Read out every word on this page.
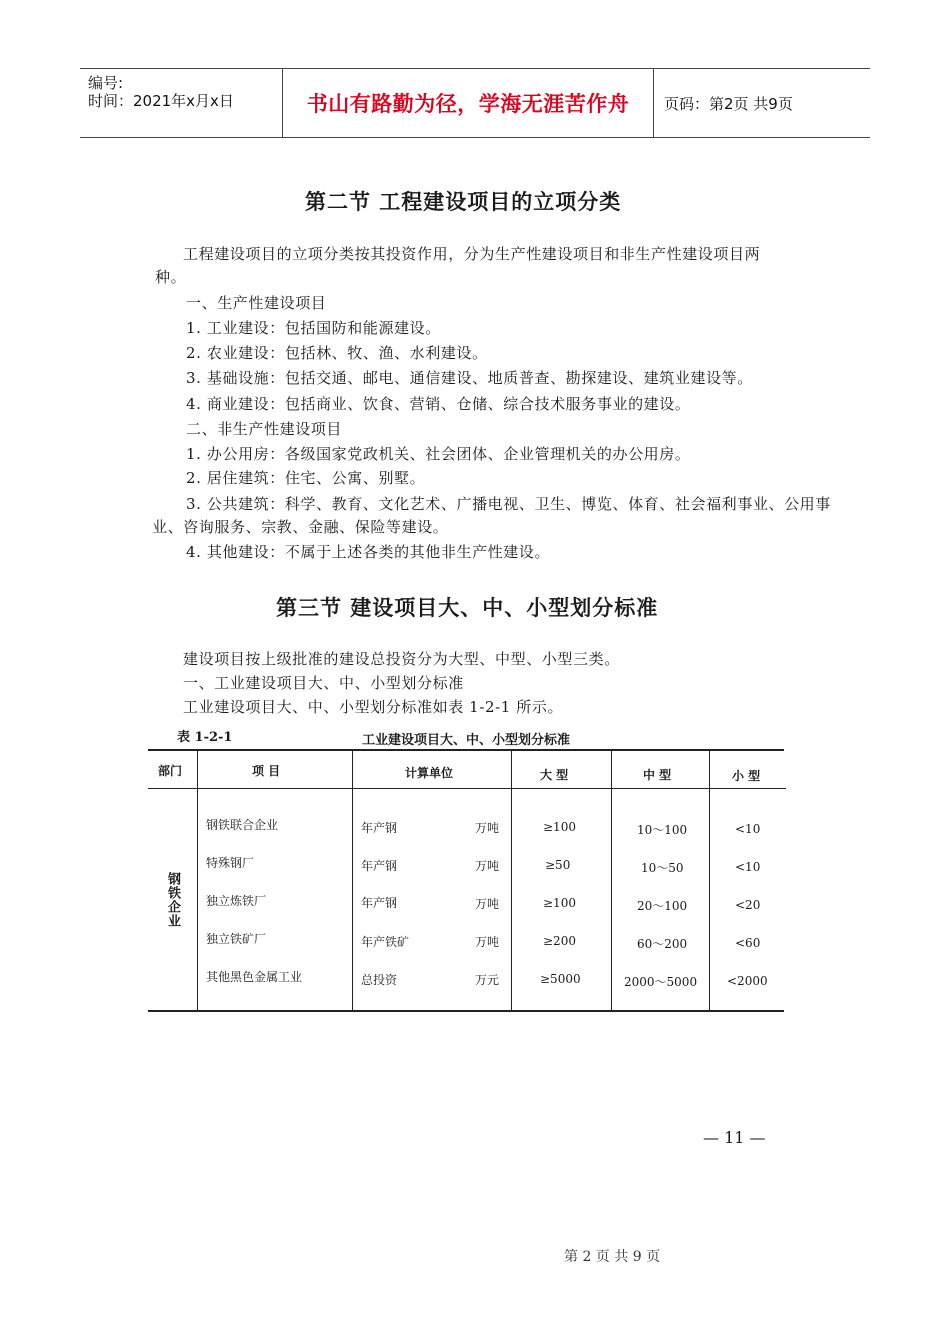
编号:
时间：2021年x月x日	书山有路勤为径，学海无涯苦作舟	页码：第2页 共9页
第二节 工程建设项目的立项分类
工程建设项目的立项分类按其投资作用，分为生产性建设项目和非生产性建设项目两
种。
一、生产性建设项目
1. 工业建设：包括国防和能源建设。
2. 农业建设：包括林、牧、渔、水利建设。
3. 基础设施：包括交通、邮电、通信建设、地质普查、勘探建设、建筑业建设等。
4. 商业建设：包括商业、饮食、营销、仓储、综合技术服务事业的建设。
二、非生产性建设项目
1. 办公用房：各级国家党政机关、社会团体、企业管理机关的办公用房。
2. 居住建筑：住宅、公寓、别墅。
3. 公共建筑：科学、教育、文化艺术、广播电视、卫生、博览、体育、社会福利事业、公用事
业、咨询服务、宗教、金融、保险等建设。
4. 其他建设：不属于上述各类的其他非生产性建设。
第三节 建设项目大、中、小型划分标准
建设项目按上级批准的建设总投资分为大型、中型、小型三类。
一、工业建设项目大、中、小型划分标准
工业建设项目大、中、小型划分标准如表 1-2-1 所示。
表 1-2-1	工业建设项目大、中、小型划分标准
部门	项 目	计算单位	大 型	中 型	小 型
钢铁企业
钢铁联合企业	年产钢	万吨	≥100	10～100	<10
特殊钢厂	年产钢	万吨	≥50	10～50	<10
独立炼铁厂	年产钢	万吨	≥100	20～100	<20
独立铁矿厂	年产铁矿	万吨	≥200	60～200	<60
其他黑色金属工业	总投资	万元	≥5000	2000～5000 <2000
— 11 —
第 2 页 共 9 页
